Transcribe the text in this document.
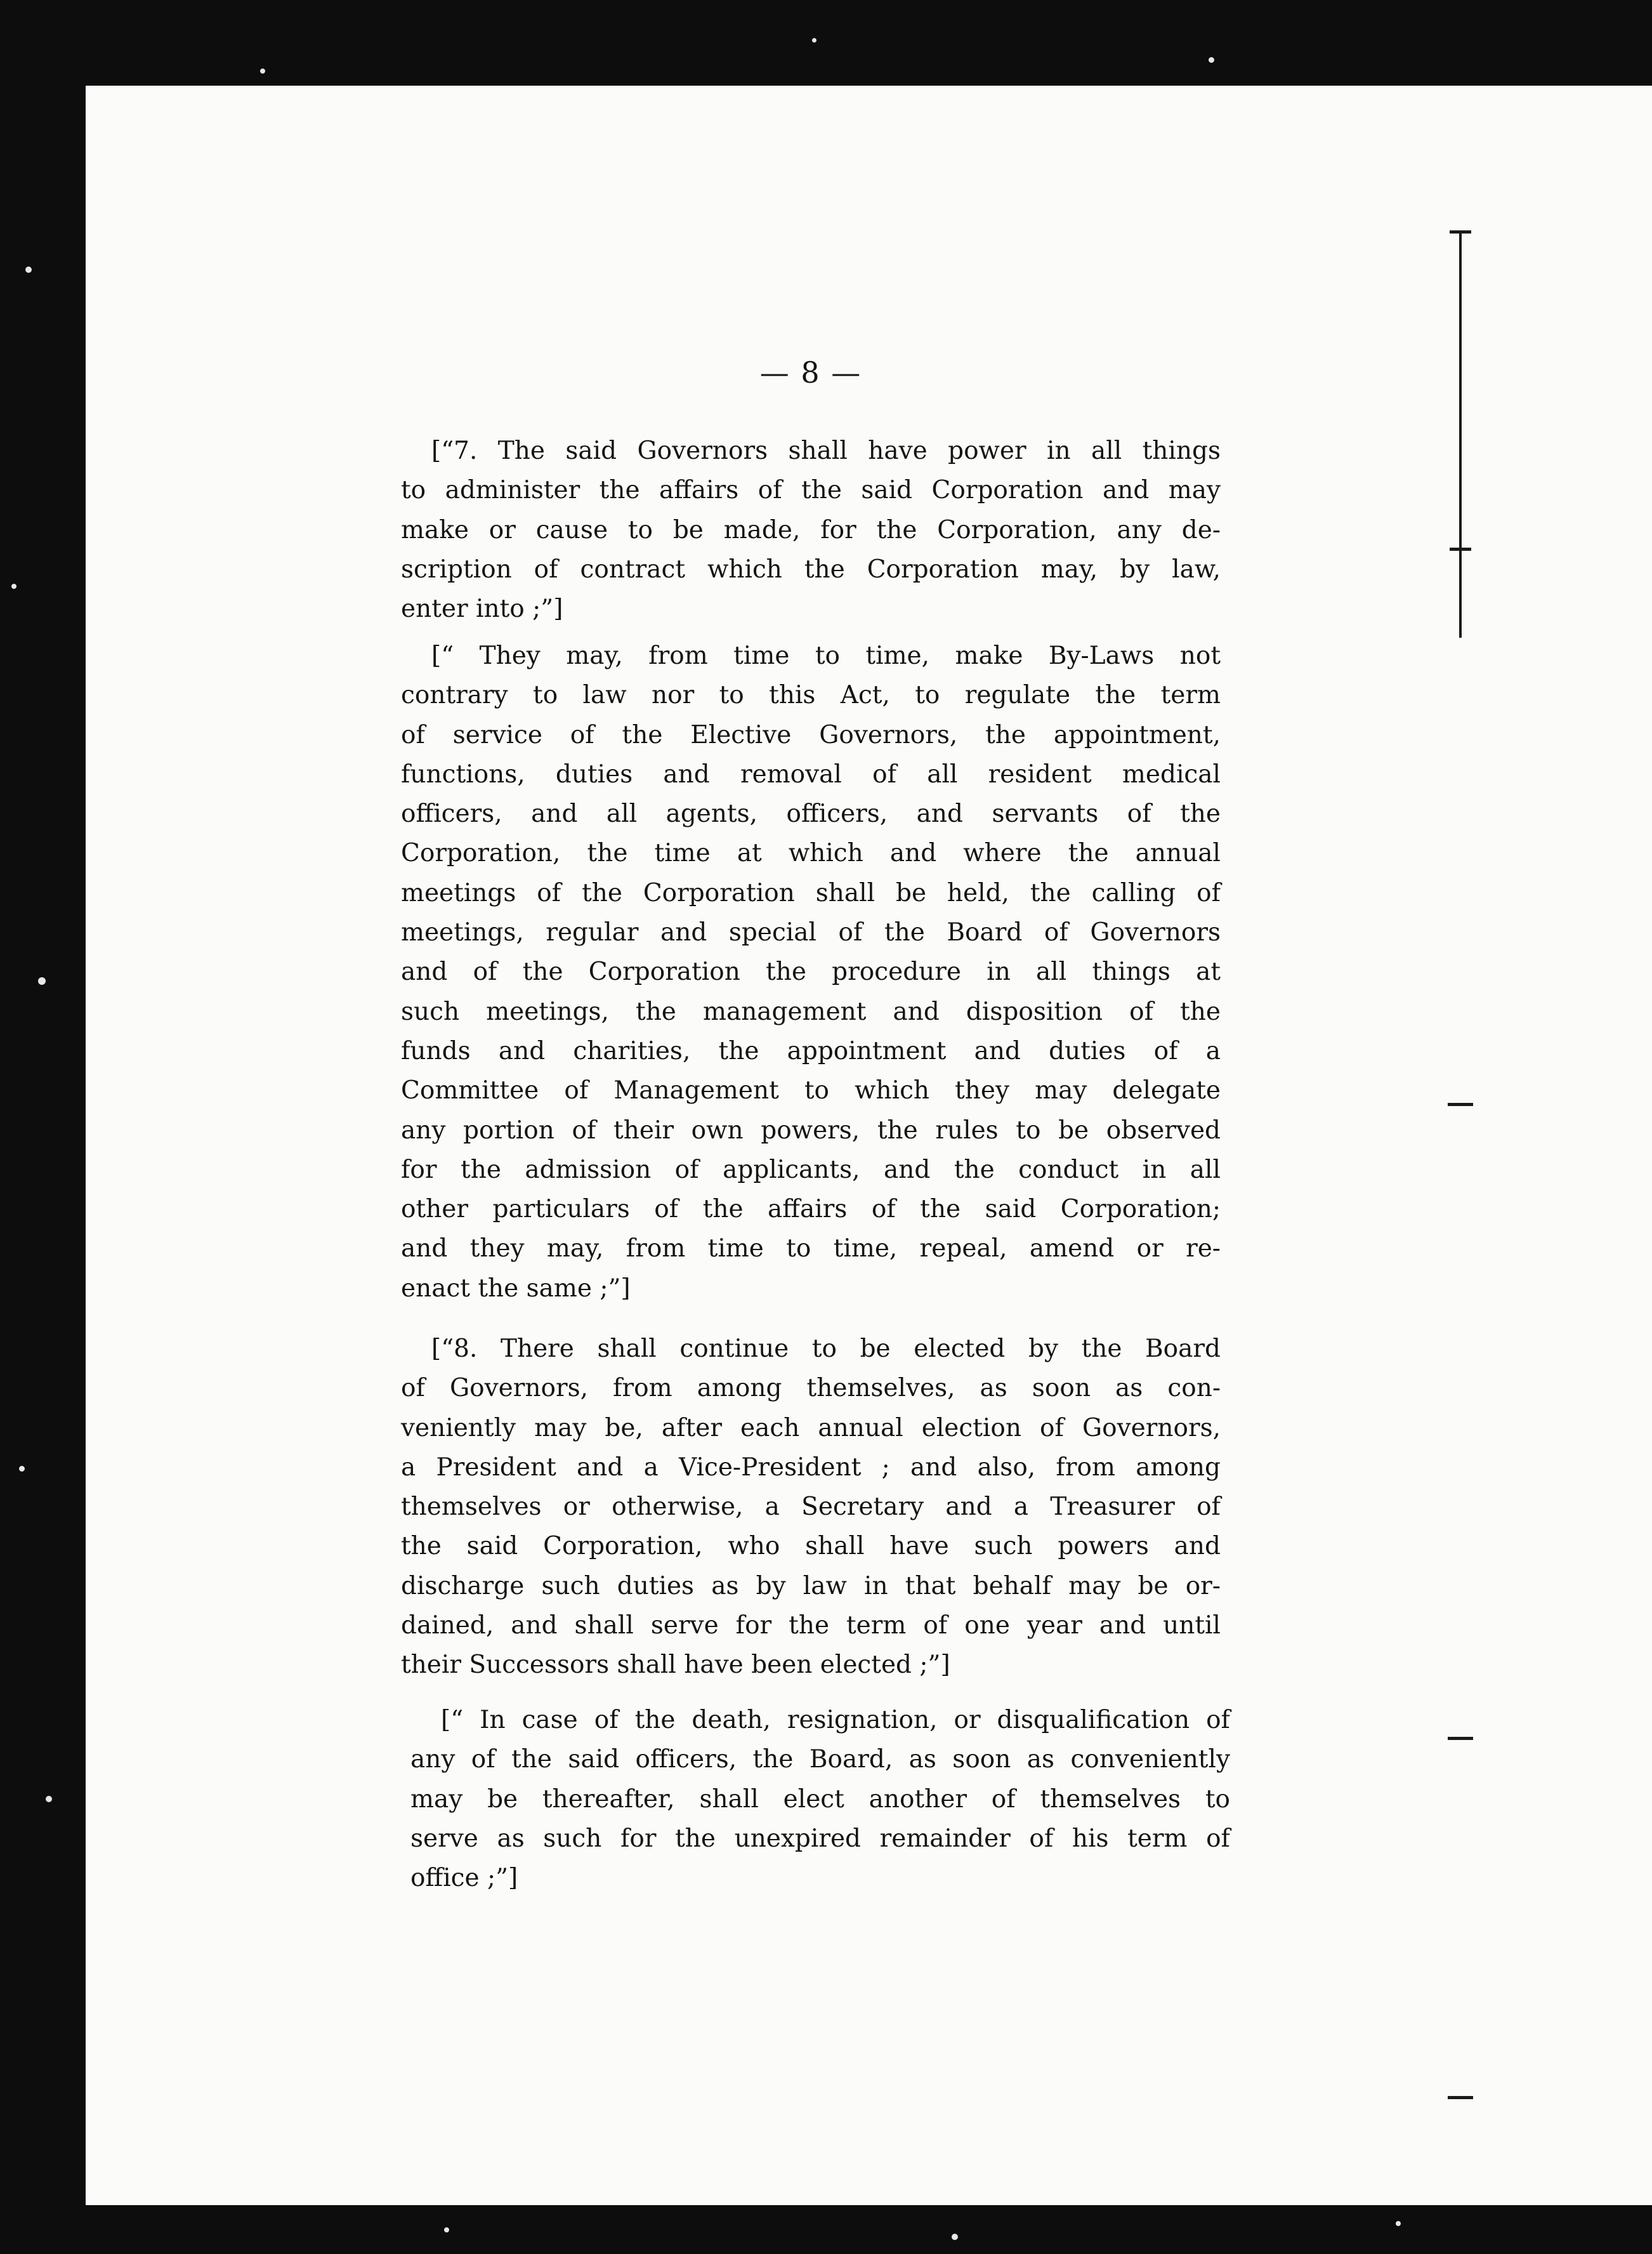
— 8 —
[“7. The said Governors shall have power in all things
to administer the affairs of the said Corporation and may
make or cause to be made, for the Corporation, any de-
scription of contract which the Corporation may, by law,
enter into ;”]
[“ They may, from time to time, make By-Laws not
contrary to law nor to this Act, to regulate the term
of service of the Elective Governors, the appointment,
functions, duties and removal of all resident medical
officers, and all agents, officers, and servants of the
Corporation, the time at which and where the annual
meetings of the Corporation shall be held, the calling of
meetings, regular and special of the Board of Governors
and of the Corporation the procedure in all things at
such meetings, the management and disposition of the
funds and charities, the appointment and duties of a
Committee of Management to which they may delegate
any portion of their own powers, the rules to be observed
for the admission of applicants, and the conduct in all
other particulars of the affairs of the said Corporation;
and they may, from time to time, repeal, amend or re-
enact the same ;”]
[“8. There shall continue to be elected by the Board
of Governors, from among themselves, as soon as con-
veniently may be, after each annual election of Governors,
a President and a Vice-President ; and also, from among
themselves or otherwise, a Secretary and a Treasurer of
the said Corporation, who shall have such powers and
discharge such duties as by law in that behalf may be or-
dained, and shall serve for the term of one year and until
their Successors shall have been elected ;”]
[“ In case of the death, resignation, or disqualification of
any of the said officers, the Board, as soon as conveniently
may be thereafter, shall elect another of themselves to
serve as such for the unexpired remainder of his term of
office ;”]
